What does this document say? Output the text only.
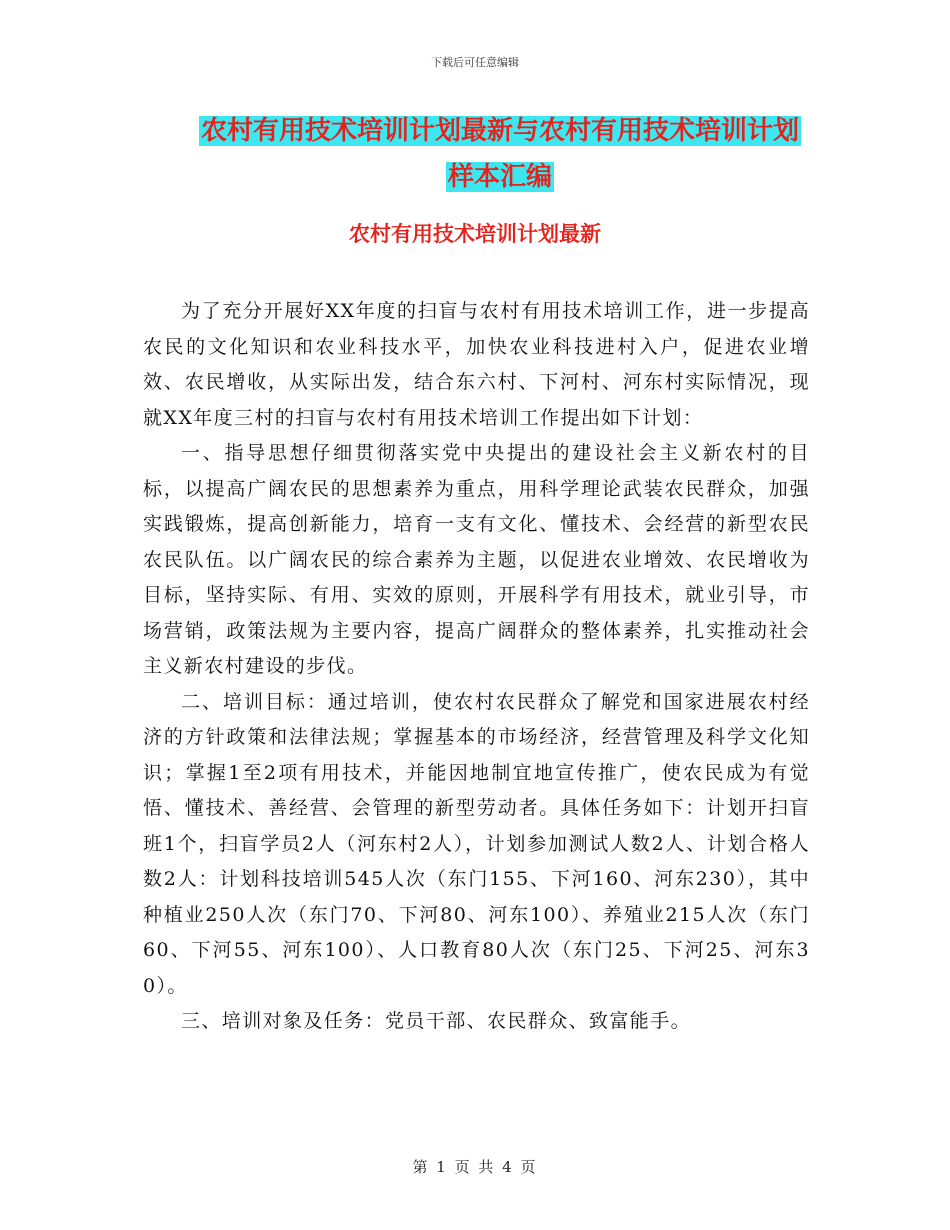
下载后可任意编辑
农村有用技术培训计划最新与农村有用技术培训计划
样本汇编
农村有用技术培训计划最新

为了充分开展好XX年度的扫盲与农村有用技术培训工作，进一步提高农民的文化知识和农业科技水平，加快农业科技进村入户，促进农业增效、农民增收，从实际出发，结合东六村、下河村、河东村实际情况，现就XX年度三村的扫盲与农村有用技术培训工作提出如下计划：

一、指导思想仔细贯彻落实党中央提出的建设社会主义新农村的目标，以提高广阔农民的思想素养为重点，用科学理论武装农民群众，加强实践锻炼，提高创新能力，培育一支有文化、懂技术、会经营的新型农民农民队伍。以广阔农民的综合素养为主题，以促进农业增效、农民增收为目标，坚持实际、有用、实效的原则，开展科学有用技术，就业引导，市场营销，政策法规为主要内容，提高广阔群众的整体素养，扎实推动社会主义新农村建设的步伐。

二、培训目标：通过培训，使农村农民群众了解党和国家进展农村经济的方针政策和法律法规；掌握基本的市场经济，经营管理及科学文化知识；掌握1至2项有用技术，并能因地制宜地宣传推广，使农民成为有觉悟、懂技术、善经营、会管理的新型劳动者。具体任务如下：计划开扫盲班1个，扫盲学员2人（河东村2人），计划参加测试人数2人、计划合格人数2人：计划科技培训545人次（东门155、下河160、河东230），其中种植业250人次（东门70、下河80、河东100）、养殖业215人次（东门60、下河55、河东100）、人口教育80人次（东门25、下河25、河东30）。

三、培训对象及任务：党员干部、农民群众、致富能手。

第 1 页 共 4 页
